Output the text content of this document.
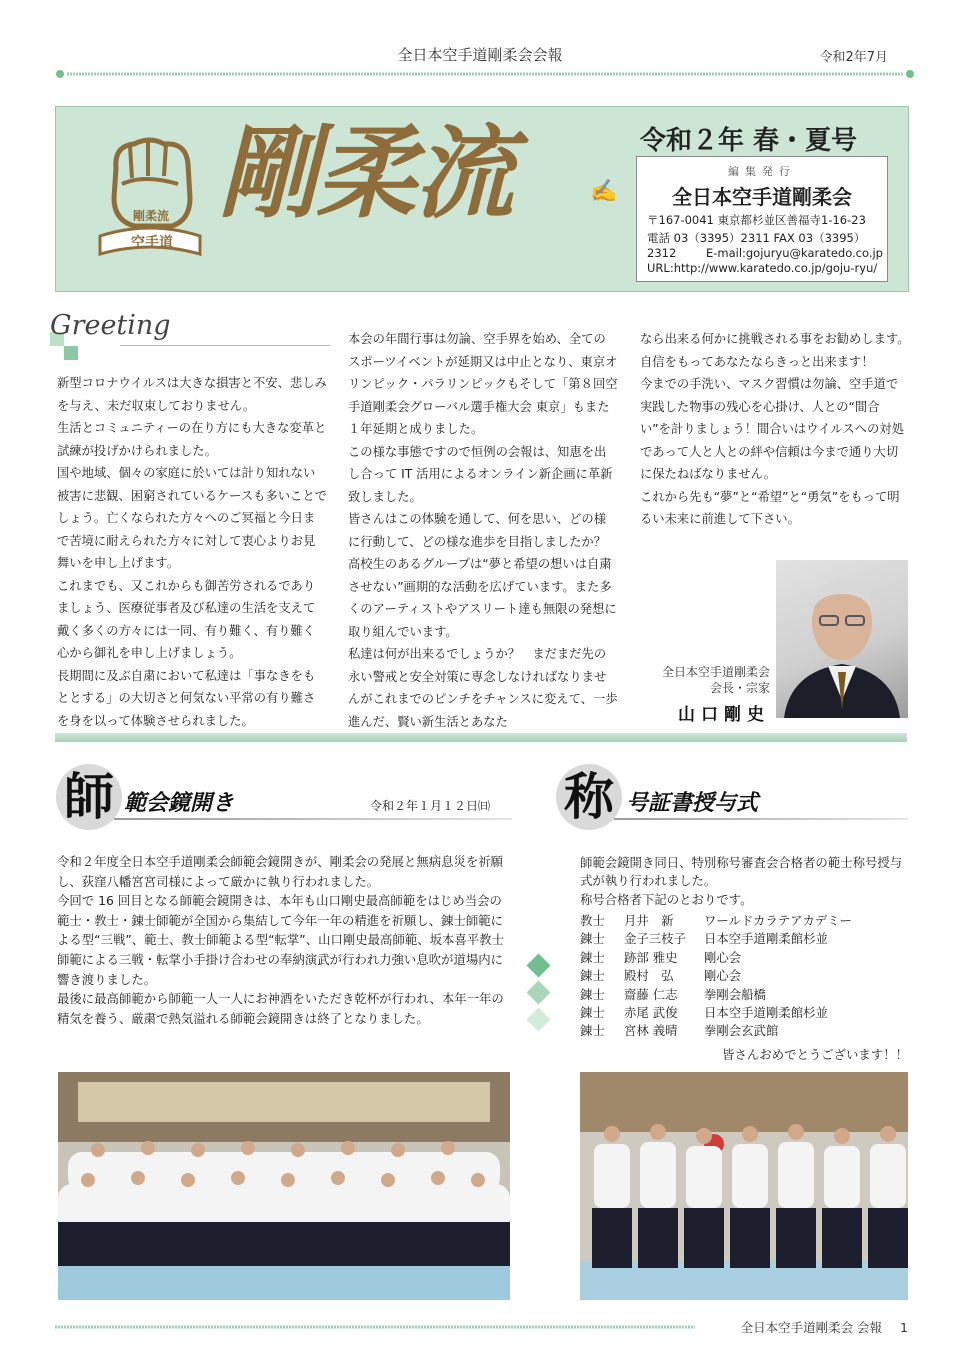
全日本空手道剛柔会会報	令和2年7月
剛柔流
空手道
剛柔流	✍
令和２年 春・夏号
編集発行
全日本空手道剛柔会
〒167-0041 東京都杉並区善福寺1-16-23
電話 03（3395）2311 FAX 03（3395）2312	E-mail:gojuryu@karatedo.co.jp
URL:http://www.karatedo.co.jp/goju-ryu/
Greeting

新型コロナウイルスは大きな損害と不安、悲しみを与え、未だ収束しておりません。

生活とコミュニティーの在り方にも大きな変革と試練が投げかけられました。

国や地域、個々の家庭に於いては計り知れない被害に悲観、困窮されているケースも多いことでしょう。亡くなられた方々へのご冥福と今日まで苦境に耐えられた方々に対して衷心よりお見舞いを申し上げます。

これまでも、又これからも御苦労されるでありましょう、医療従事者及び私達の生活を支えて戴く多くの方々には一同、有り難く、有り難く心から御礼を申し上げましょう。

長期間に及ぶ自粛において私達は「事なきをもととする」の大切さと何気ない平常の有り難さを身を以って体験させられました。

本会の年間行事は勿論、空手界を始め、全てのスポーツイベントが延期又は中止となり、東京オリンピック・パラリンピックもそして「第８回空手道剛柔会グローバル選手権大会 東京」もまた１年延期と成りました。

この様な事態ですので恒例の会報は、知恵を出し合って IT 活用によるオンライン新企画に革新致しました。

皆さんはこの体験を通して、何を思い、どの様に行動して、どの様な進歩を目指しましたか？　高校生のあるグループは“夢と希望の想いは自粛させない”画期的な活動を広げています。また多くのアーティストやアスリート達も無限の発想に取り組んでいます。

私達は何が出来るでしょうか？　まだまだ先の永い警戒と安全対策に専念しなければなりませんがこれまでのピンチをチャンスに変えて、一歩進んだ、賢い新生活とあなた

なら出来る何かに挑戦される事をお勧めします。自信をもってあなたならきっと出来ます！

今までの手洗い、マスク習慣は勿論、空手道で実践した物事の残心を心掛け、人との“間合い”を計りましょう！間合いはウイルスへの対処であって人と人との絆や信頼は今まで通り大切に保たねばなりません。

これから先も“夢”と“希望”と“勇気”をもって明るい未来に前進して下さい。

全日本空手道剛柔会
会長・宗家
山口剛史
師 範会鏡開き	令和２年１月１２日㈰

令和２年度全日本空手道剛柔会師範会鏡開きが、剛柔会の発展と無病息災を祈願し、荻窪八幡宮宮司様によって厳かに執り行われました。

今回で 16 回目となる師範会鏡開きは、本年も山口剛史最高師範をはじめ当会の範士・教士・錬士師範が全国から集結して今年一年の精進を祈願し、錬士師範による型“三戦”、範士、教士師範よる型“転掌”、山口剛史最高師範、坂本喜平教士師範による三戦・転掌小手掛け合わせの奉納演武が行われ力強い息吹が道場内に響き渡りました。

最後に最高師範から師範一人一人にお神酒をいただき乾杯が行われ、本年一年の精気を養う、厳粛で熱気溢れる師範会鏡開きは終了となりました。

称 号証書授与式

師範会鏡開き同日、特別称号審査会合格者の範士称号授与式が執り行われました。

称号合格者下記のとおりです。

教士	月井　新	ワールドカラテアカデミー
錬士	金子三枝子	日本空手道剛柔館杉並
錬士	跡部 雅史	剛心会
錬士	殿村　弘	剛心会
錬士	齋藤 仁志	拳剛会船橋
錬士	赤尾 武俊	日本空手道剛柔館杉並
錬士	宮林 義晴	拳剛会玄武館
皆さんおめでとうございます！！
全日本空手道剛柔会 会報 1
